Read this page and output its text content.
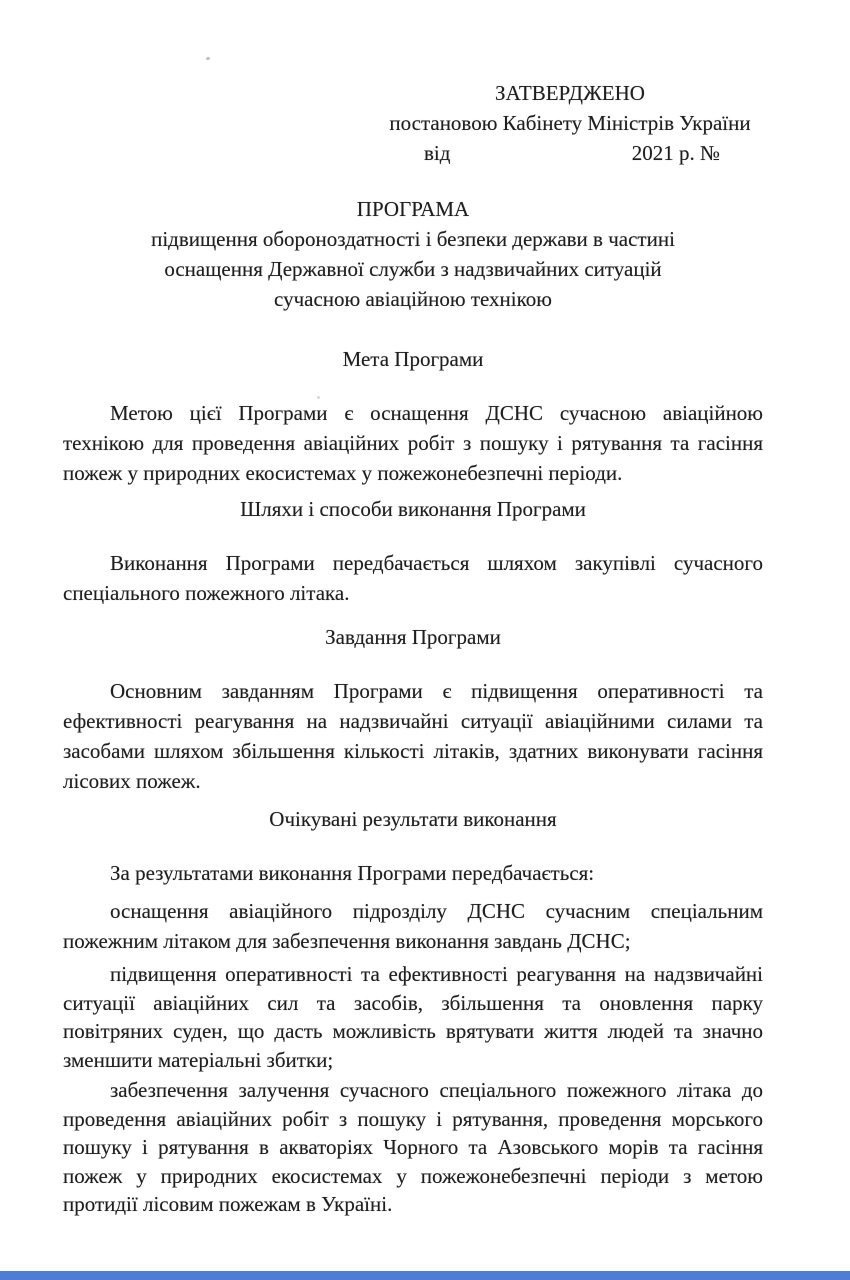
ЗАТВЕРДЖЕНО
постановою Кабінету Міністрів України
від	2021 р. №
ПРОГРАМА
підвищення обороноздатності і безпеки держави в частині
оснащення Державної служби з надзвичайних ситуацій
сучасною авіаційною технікою
Мета Програми

Метою цієї Програми є оснащення ДСНС сучасною авіаційною
технікою для проведення авіаційних робіт з пошуку і рятування та гасіння
пожеж у природних екосистемах у пожежонебезпечні періоди.

Шляхи і способи виконання Програми

Виконання Програми передбачається шляхом закупівлі сучасного
спеціального пожежного літака.

Завдання Програми

Основним завданням Програми є підвищення оперативності та
ефективності реагування на надзвичайні ситуації авіаційними силами та
засобами шляхом збільшення кількості літаків, здатних виконувати гасіння
лісових пожеж.

Очікувані результати виконання

За результатами виконання Програми передбачається:

оснащення авіаційного підрозділу ДСНС сучасним спеціальним
пожежним літаком для забезпечення виконання завдань ДСНС;

підвищення оперативності та ефективності реагування на надзвичайні
ситуації авіаційних сил та засобів, збільшення та оновлення парку
повітряних суден, що дасть можливість врятувати життя людей та значно
зменшити матеріальні збитки;

забезпечення залучення сучасного спеціального пожежного літака до
проведення авіаційних робіт з пошуку і рятування, проведення морського
пошуку і рятування в акваторіях Чорного та Азовського морів та гасіння
пожеж у природних екосистемах у пожежонебезпечні періоди з метою
протидії лісовим пожежам в Україні.
